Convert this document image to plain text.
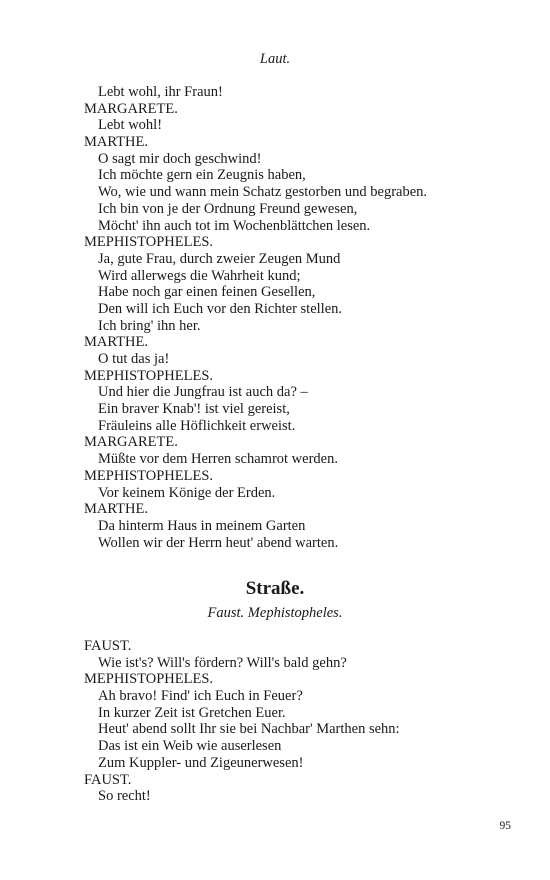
Laut.
Lebt wohl, ihr Fraun!
MARGARETE.
Lebt wohl!
MARTHE.
O sagt mir doch geschwind!
Ich möchte gern ein Zeugnis haben,
Wo, wie und wann mein Schatz gestorben und begraben.
Ich bin von je der Ordnung Freund gewesen,
Möcht' ihn auch tot im Wochenblättchen lesen.
MEPHISTOPHELES.
Ja, gute Frau, durch zweier Zeugen Mund
Wird allerwegs die Wahrheit kund;
Habe noch gar einen feinen Gesellen,
Den will ich Euch vor den Richter stellen.
Ich bring' ihn her.
MARTHE.
O tut das ja!
MEPHISTOPHELES.
Und hier die Jungfrau ist auch da? –
Ein braver Knab'! ist viel gereist,
Fräuleins alle Höflichkeit erweist.
MARGARETE.
Müßte vor dem Herren schamrot werden.
MEPHISTOPHELES.
Vor keinem Könige der Erden.
MARTHE.
Da hinterm Haus in meinem Garten
Wollen wir der Herrn heut' abend warten.
Straße.
Faust. Mephistopheles.
FAUST.
Wie ist's? Will's fördern? Will's bald gehn?
MEPHISTOPHELES.
Ah bravo! Find' ich Euch in Feuer?
In kurzer Zeit ist Gretchen Euer.
Heut' abend sollt Ihr sie bei Nachbar' Marthen sehn:
Das ist ein Weib wie auserlesen
Zum Kuppler- und Zigeunerwesen!
FAUST.
So recht!
95
